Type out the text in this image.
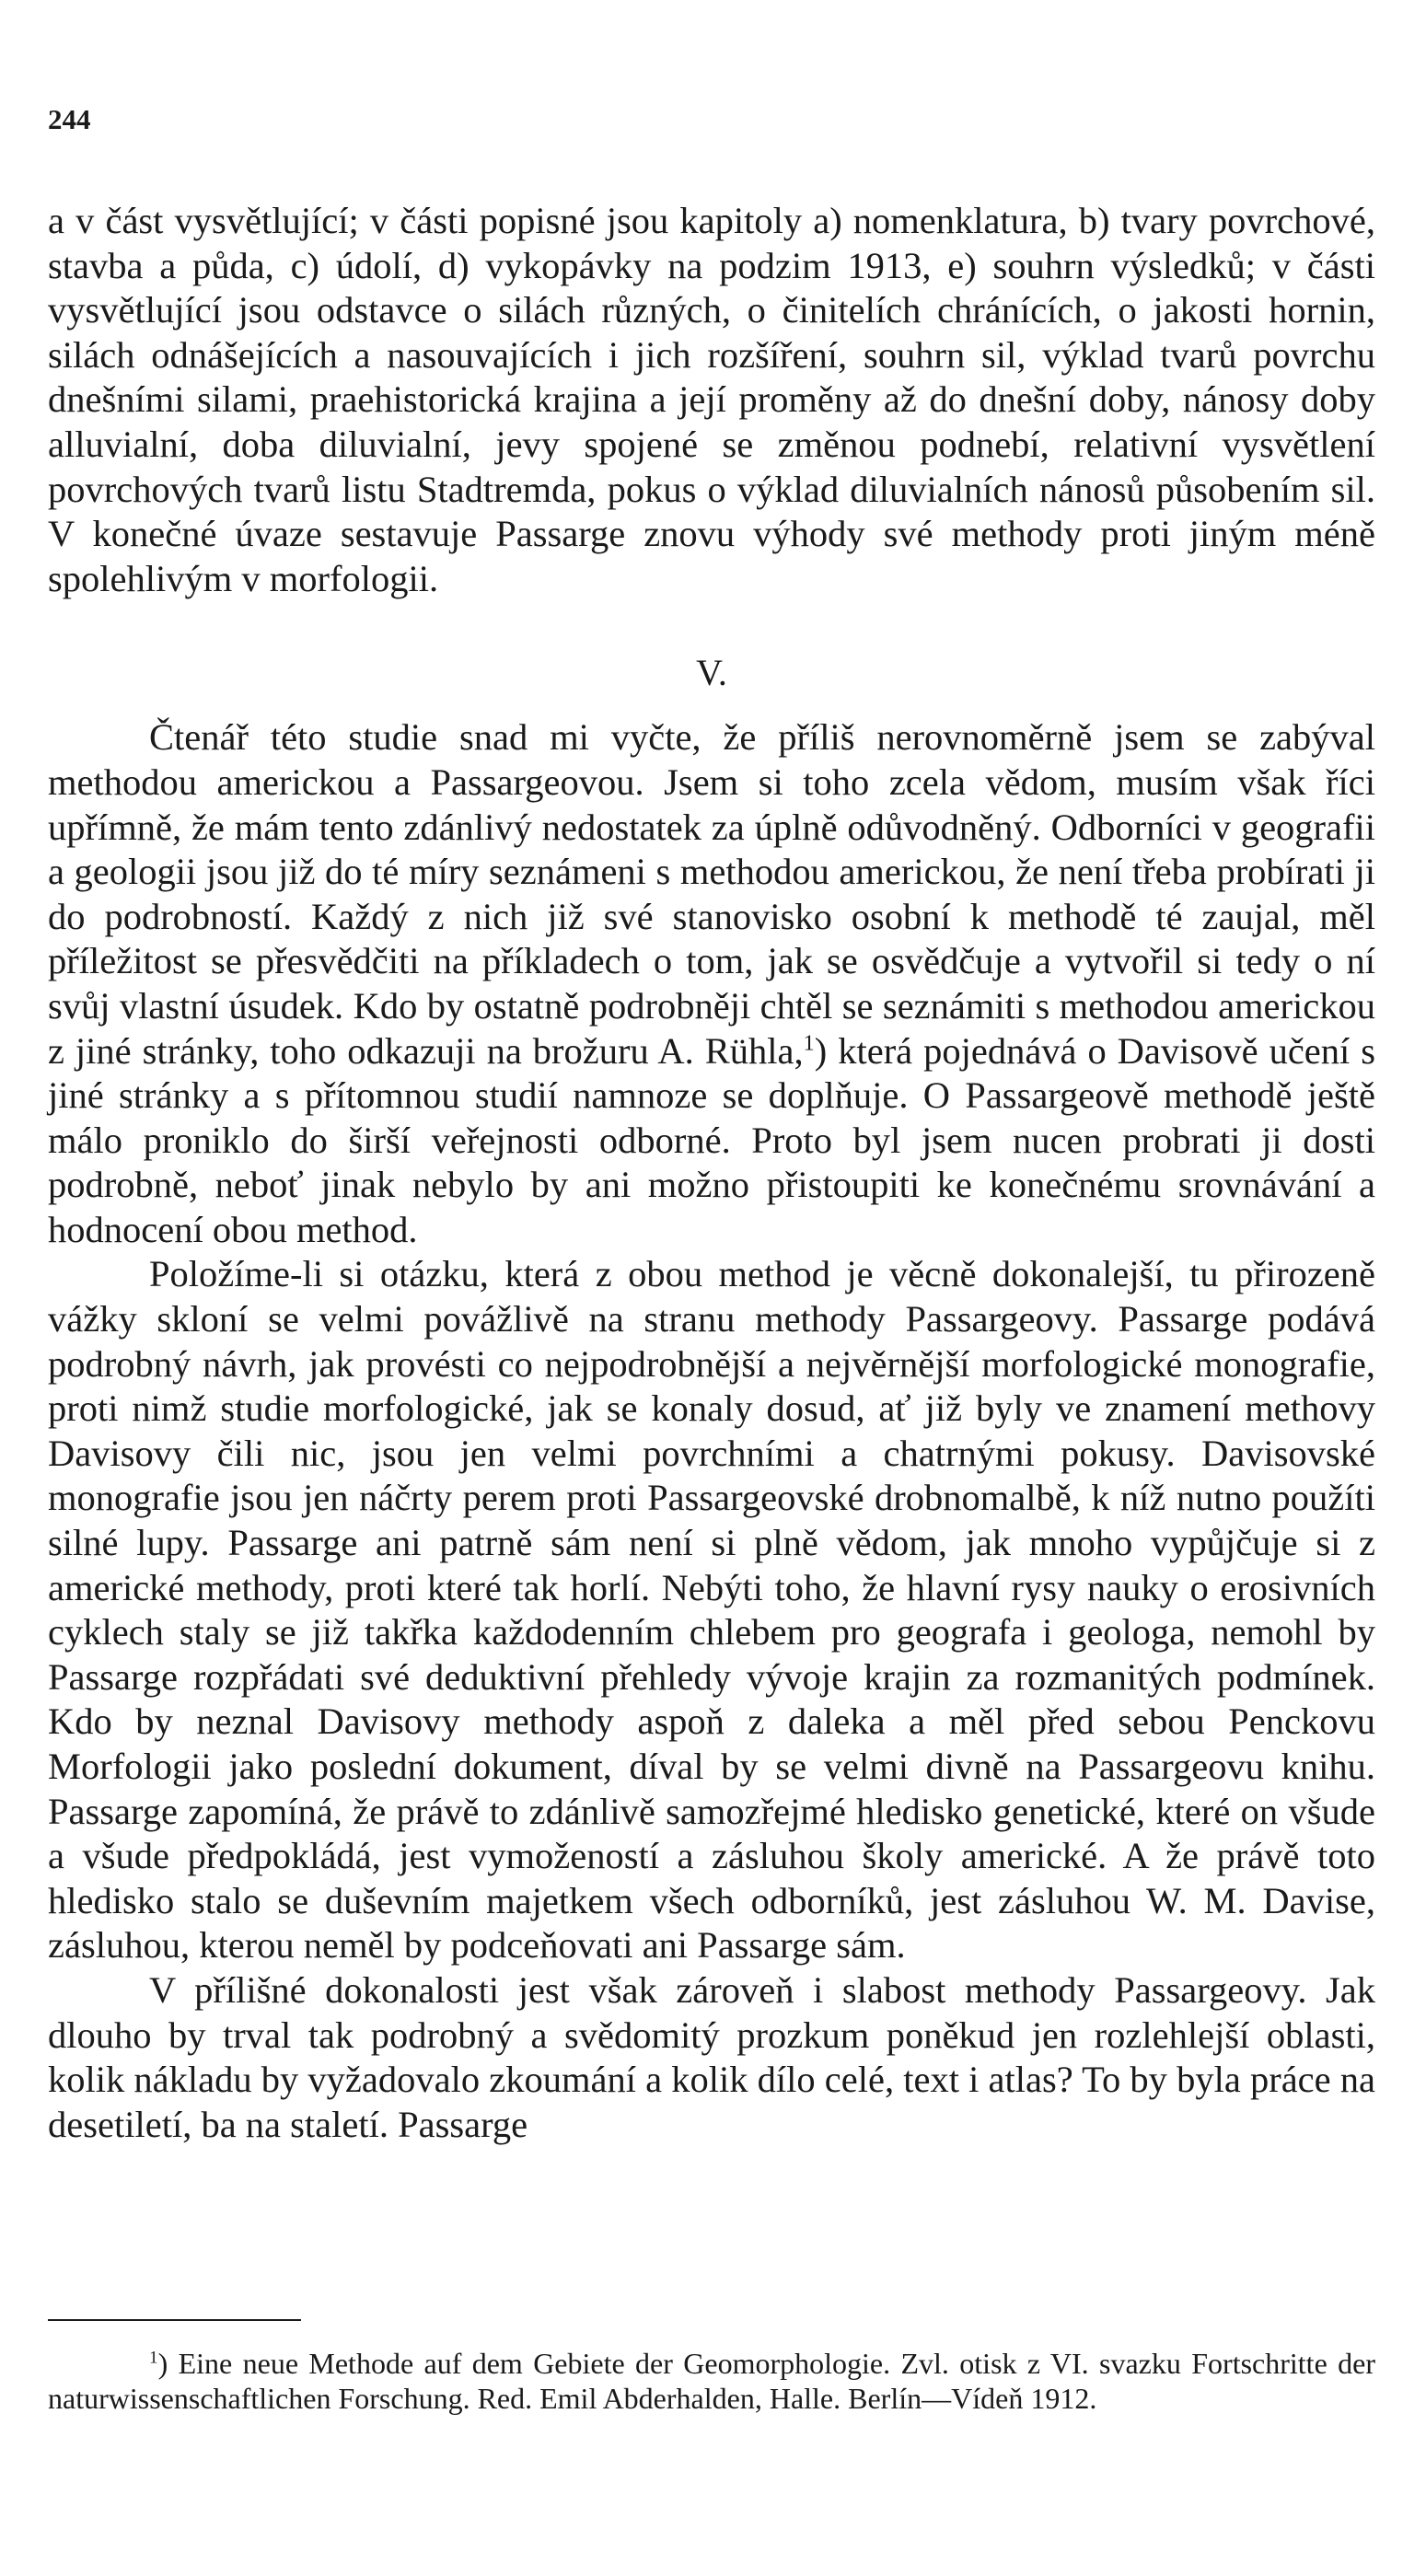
244

a v část vysvětlující; v části popisné jsou kapitoly a) nomenklatura, b) tvary povrchové, stavba a půda, c) údolí, d) vykopávky na podzim 1913, e) souhrn výsledků; v části vysvětlující jsou odstavce o silách různých, o činitelích chránících, o jakosti hornin, silách odnášejících a nasouvajících i jich rozšíření, souhrn sil, výklad tvarů povrchu dnešními silami, praehistorická krajina a její proměny až do dnešní doby, nánosy doby alluvialní, doba diluvialní, jevy spojené se změnou podnebí, relativní vysvětlení povrchových tvarů listu Stadtremda, pokus o výklad diluvialních nánosů působením sil. V konečné úvaze sestavuje Passarge znovu výhody své methody proti jiným méně spolehlivým v morfologii.

V.

Čtenář této studie snad mi vyčte, že příliš nerovnoměrně jsem se zabýval methodou americkou a Passargeovou. Jsem si toho zcela vědom, musím však říci upřímně, že mám tento zdánlivý nedostatek za úplně odůvodněný. Odborníci v geografii a geologii jsou již do té míry seznámeni s methodou americkou, že není třeba probírati ji do podrobností. Každý z nich již své stanovisko osobní k methodě té zaujal, měl příležitost se přesvědčiti na příkladech o tom, jak se osvědčuje a vytvořil si tedy o ní svůj vlastní úsudek. Kdo by ostatně podrobněji chtěl se seznámiti s methodou americkou z jiné stránky, toho odkazuji na brožuru A. Rühla,$^1$) která pojednává o Davisově učení s jiné stránky a s přítomnou studií namnoze se doplňuje. O Passargeově methodě ještě málo proniklo do širší veřejnosti odborné. Proto byl jsem nucen probrati ji dosti podrobně, neboť jinak nebylo by ani možno přistoupiti ke konečnému srovnávání a hodnocení obou method.

Položíme-li si otázku, která z obou method je věcně dokonalejší, tu přirozeně vážky skloní se velmi povážlivě na stranu methody Passargeovy. Passarge podává podrobný návrh, jak provésti co nejpodrobnější a nejvěrnější morfologické monografie, proti nimž studie morfologické, jak se konaly dosud, ať již byly ve znamení methovy Davisovy čili nic, jsou jen velmi povrchními a chatrnými pokusy. Davisovské monografie jsou jen náčrty perem proti Passargeovské drobnomalbě, k níž nutno použíti silné lupy. Passarge ani patrně sám není si plně vědom, jak mnoho vypůjčuje si z americké methody, proti které tak horlí. Nebýti toho, že hlavní rysy nauky o erosivních cyklech staly se již takřka každodenním chlebem pro geografa i geologa, nemohl by Passarge rozpřádati své deduktivní přehledy vývoje krajin za rozmanitých podmínek. Kdo by neznal Davisovy methody aspoň z daleka a měl před sebou Penckovu Morfologii jako poslední dokument, díval by se velmi divně na Passargeovu knihu. Passarge zapomíná, že právě to zdánlivě samozřejmé hledisko genetické, které on všude a všude předpokládá, jest vymožeností a zásluhou školy americké. A že právě toto hledisko stalo se duševním majetkem všech odborníků, jest zásluhou W. M. Davise, zásluhou, kterou neměl by podceňovati ani Passarge sám.

V přílišné dokonalosti jest však zároveň i slabost methody Passargeovy. Jak dlouho by trval tak podrobný a svědomitý prozkum poněkud jen rozlehlejší oblasti, kolik nákladu by vyžadovalo zkoumání a kolik dílo celé, text i atlas? To by byla práce na desetiletí, ba na staletí. Passarge

$^1$) Eine neue Methode auf dem Gebiete der Geomorphologie. Zvl. otisk z VI. svazku Fortschritte der naturwissenschaftlichen Forschung. Red. Emil Abderhalden, Halle. Berlín—Vídeň 1912.
